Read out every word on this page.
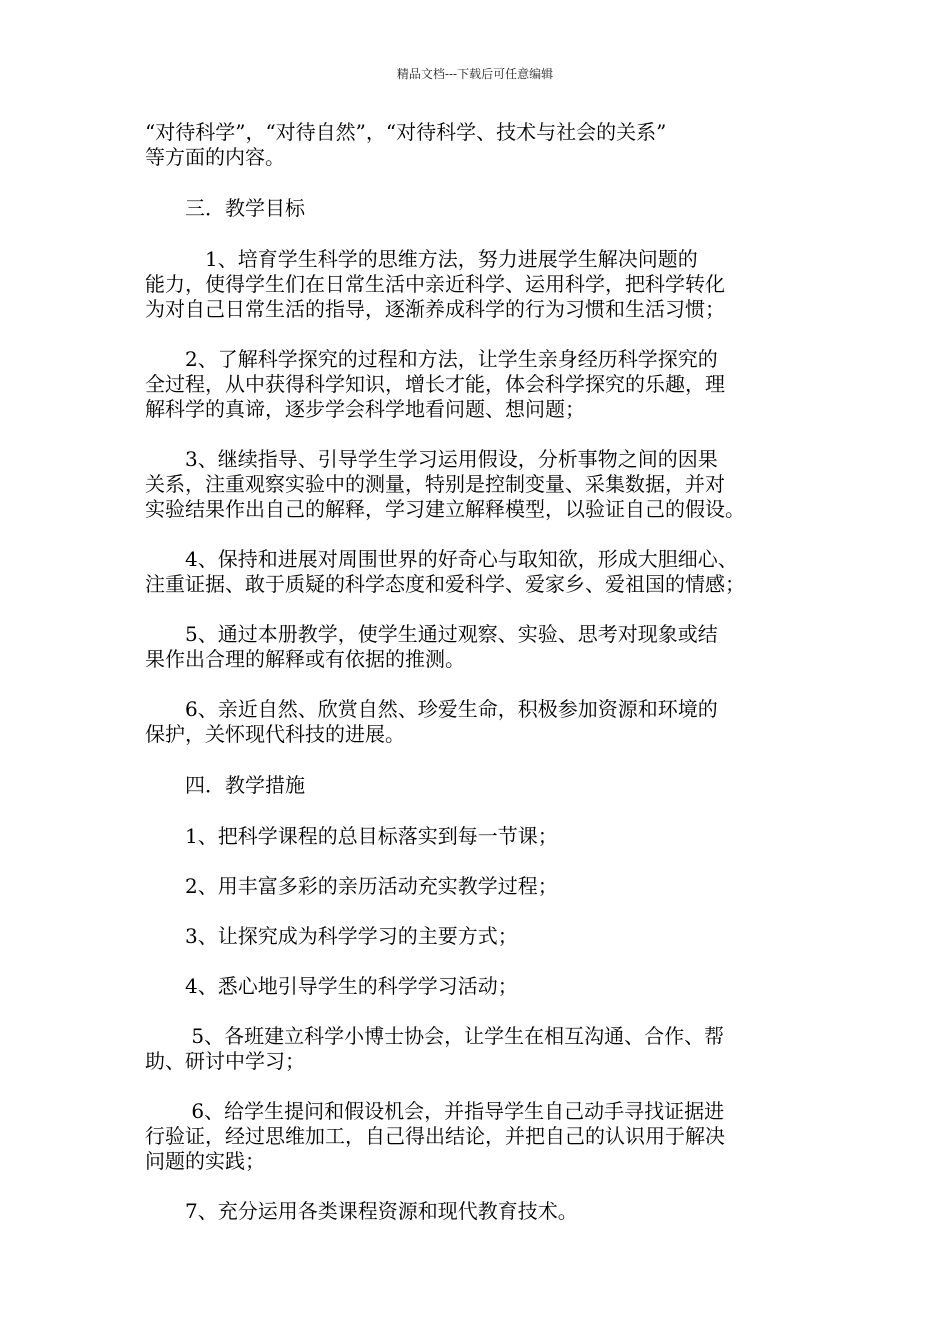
精品文档---下载后可任意编辑

“对待科学”，“对待自然”，“对待科学、技术与社会的关系”
等方面的内容。

　　三．教学目标

　　　1、培育学生科学的思维方法，努力进展学生解决问题的
能力，使得学生们在日常生活中亲近科学、运用科学，把科学转化
为对自己日常生活的指导，逐渐养成科学的行为习惯和生活习惯；

　　2、了解科学探究的过程和方法，让学生亲身经历科学探究的
全过程，从中获得科学知识，增长才能，体会科学探究的乐趣，理
解科学的真谛，逐步学会科学地看问题、想问题；

　　3、继续指导、引导学生学习运用假设，分析事物之间的因果
关系，注重观察实验中的测量，特别是控制变量、采集数据，并对
实验结果作出自己的解释，学习建立解释模型，以验证自己的假设。

　　4、保持和进展对周围世界的好奇心与取知欲，形成大胆细心、
注重证据、敢于质疑的科学态度和爱科学、爱家乡、爱祖国的情感；

　　5、通过本册教学，使学生通过观察、实验、思考对现象或结
果作出合理的解释或有依据的推测。

　　6、亲近自然、欣赏自然、珍爱生命，积极参加资源和环境的
保护，关怀现代科技的进展。

　　四．教学措施

　　1、把科学课程的总目标落实到每一节课；

　　2、用丰富多彩的亲历活动充实教学过程；

　　3、让探究成为科学学习的主要方式；

　　4、悉心地引导学生的科学学习活动；

　　 5、各班建立科学小博士协会，让学生在相互沟通、合作、帮
助、研讨中学习；

　　 6、给学生提问和假设机会，并指导学生自己动手寻找证据进
行验证，经过思维加工，自己得出结论，并把自己的认识用于解决
问题的实践；

　　7、充分运用各类课程资源和现代教育技术。
